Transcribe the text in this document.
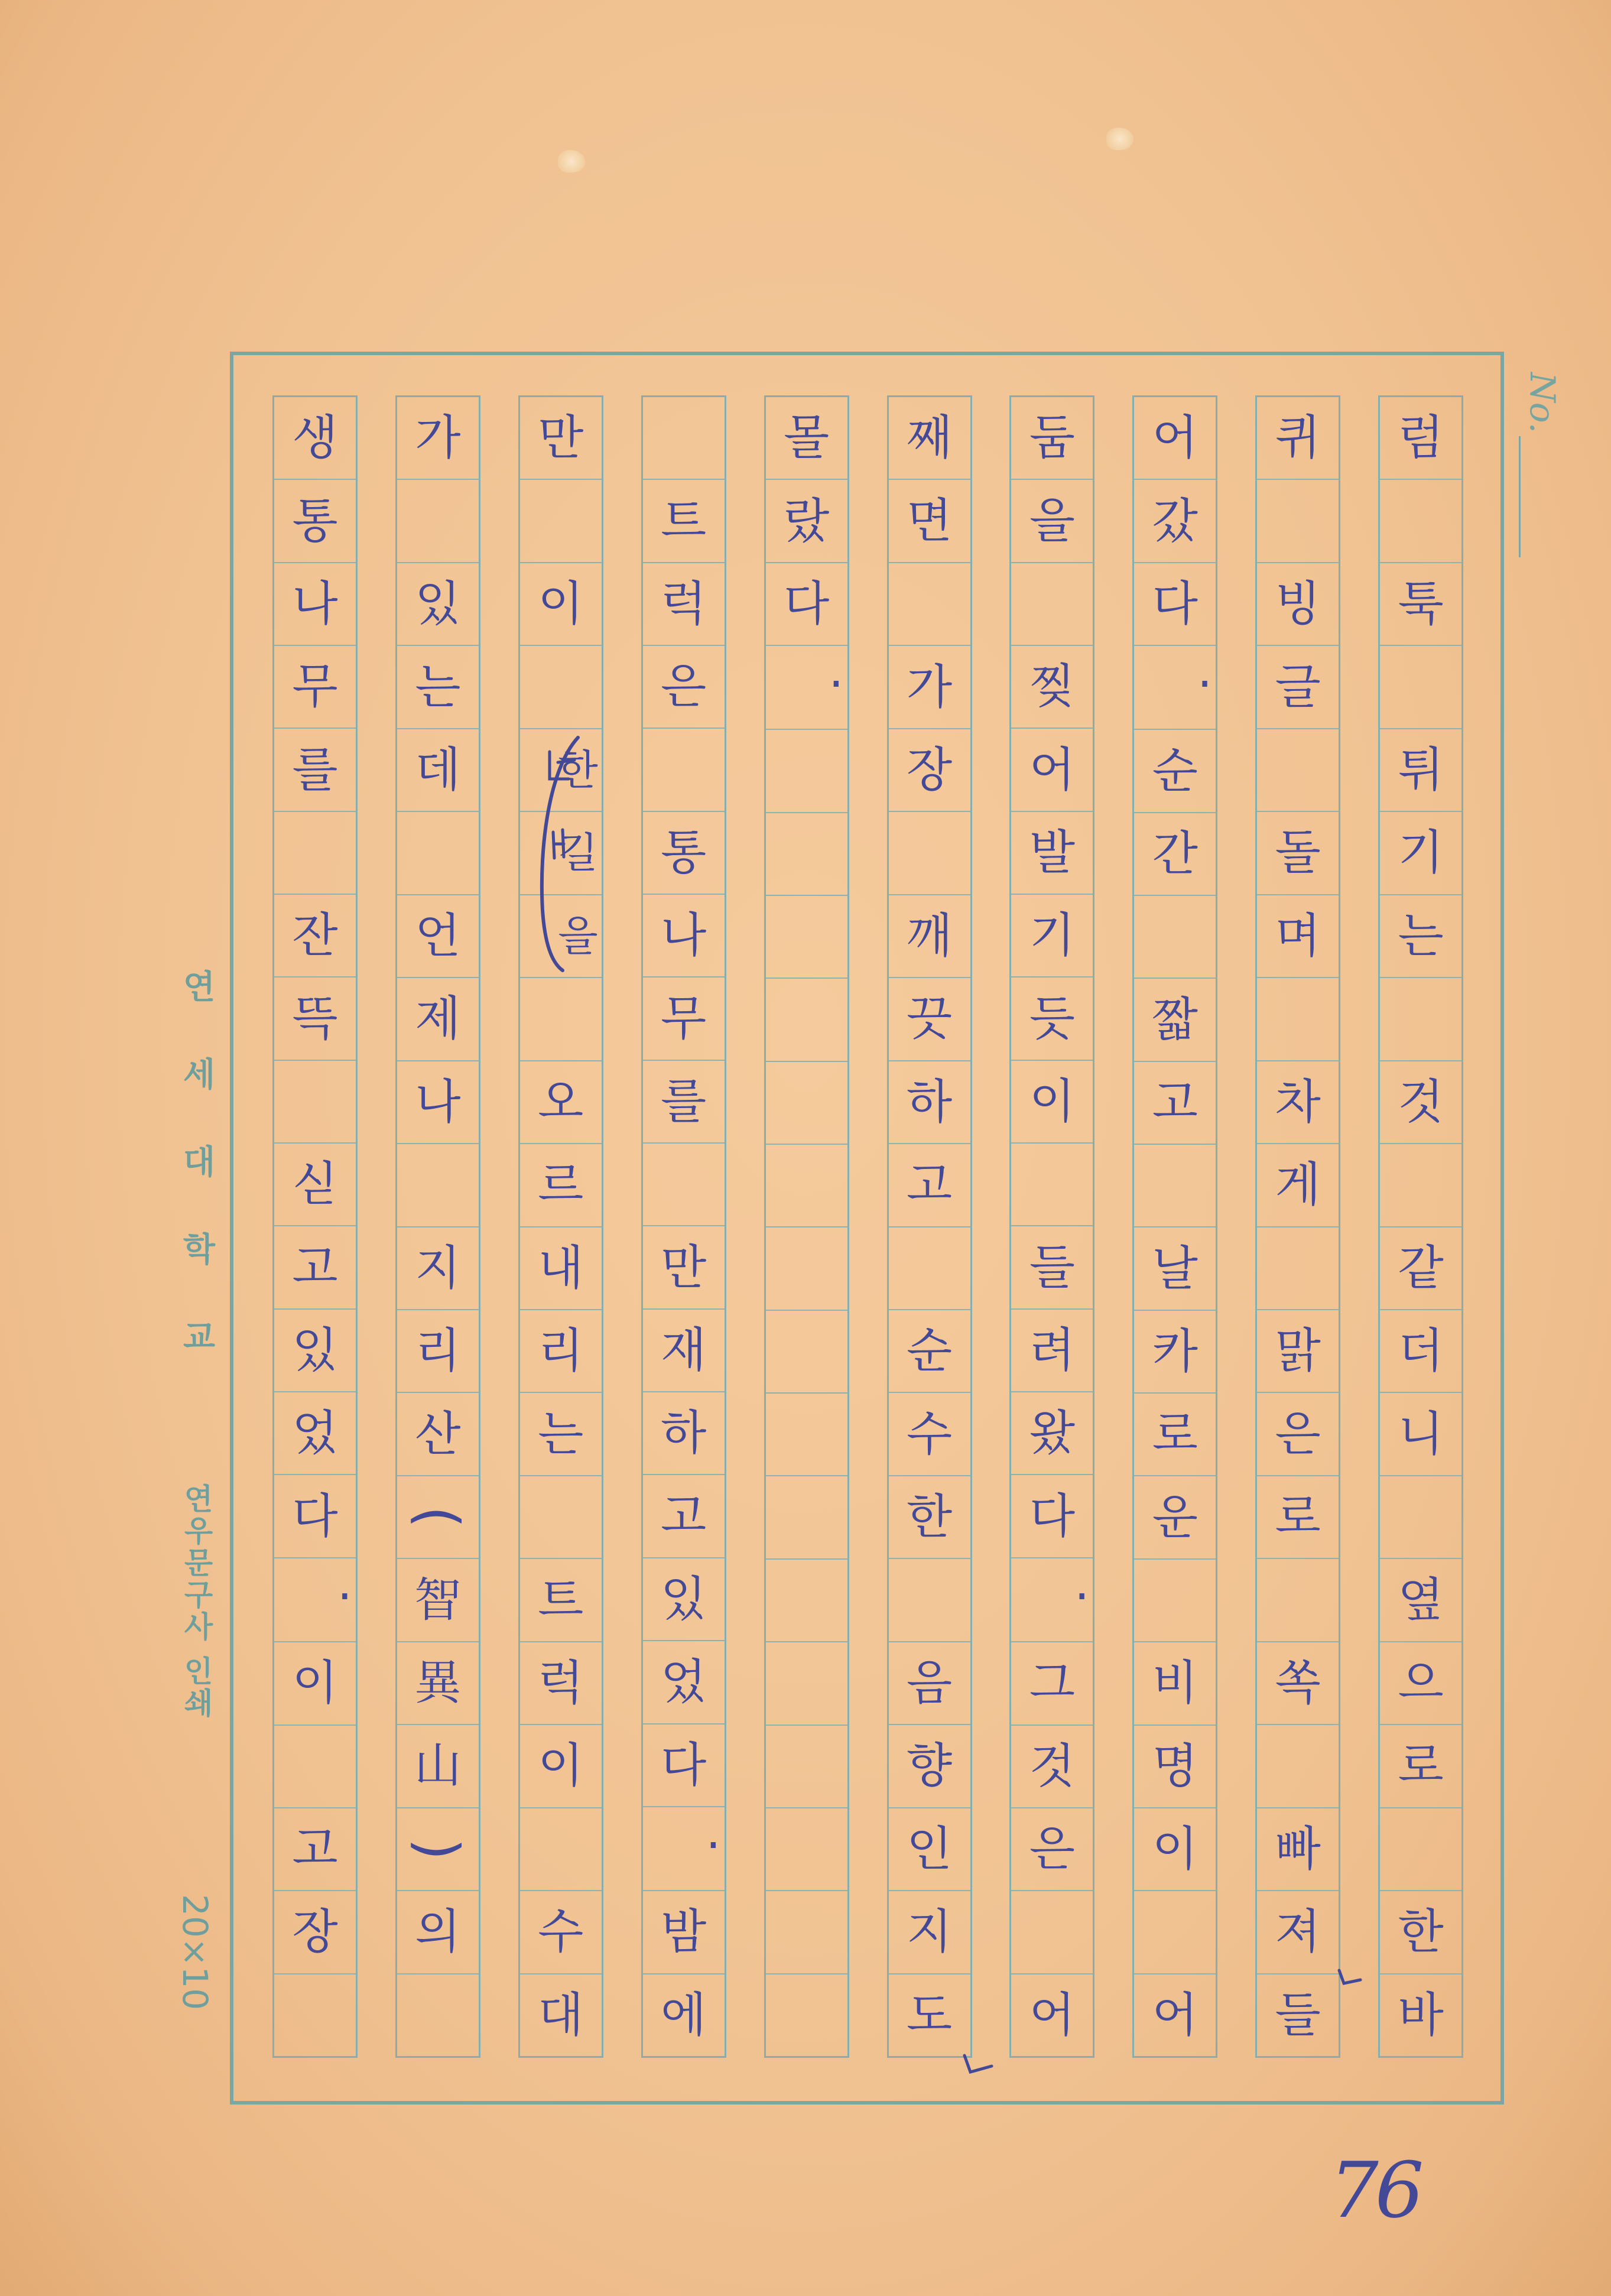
No.
럼
툭
튀
기
는
것
같
더
니
옆
으
로
한
바
퀴
빙
글
돌
며
차
게
맑
은
로
쏙
빠
져
들
어
갔
다
.
순
간
짧
고
날
카
로
운
비
명
이
어
둠
을
찢
어
발
기
듯
이
들
려
왔
다
.
그
것
은
어
째
면
가
장
깨
끗
하
고
순
수
한
음
향
인
지
도
몰
랐
다
.
트
럭
은
통
나
무
를
만
재
하
고
있
었
다
.
밤
에
만
이
한
길
을
오
르
내
리
는
트
럭
이
수
대
가
있
는
데
언
제
나
지
리
산
(
智
異
山
)
의
생
통
나
무
를
잔
뜩
싣
고
있
었
다
.
이
고
장
연세대학교
연우문구사 인쇄
20×10
76
